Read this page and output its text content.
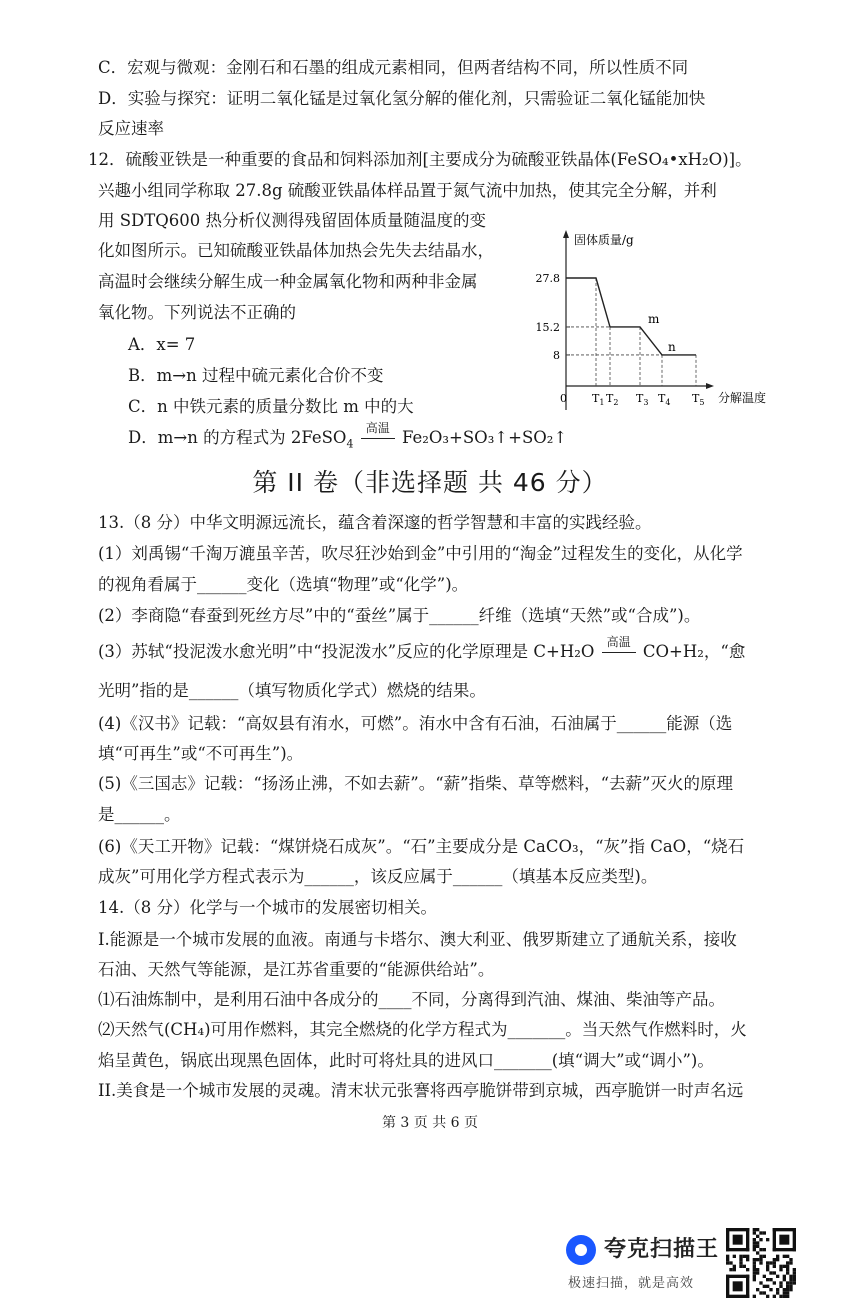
C．宏观与微观：金刚石和石墨的组成元素相同，但两者结构不同，所以性质不同
D．实验与探究：证明二氧化锰是过氧化氢分解的催化剂，只需验证二氧化锰能加快
反应速率
12．硫酸亚铁是一种重要的食品和饲料添加剂[主要成分为硫酸亚铁晶体(FeSO₄•xH₂O)]。
兴趣小组同学称取 27.8g 硫酸亚铁晶体样品置于氮气流中加热，使其完全分解，并利
用 SDTQ600 热分析仪测得残留固体质量随温度的变
化如图所示。已知硫酸亚铁晶体加热会先失去结晶水，
高温时会继续分解生成一种金属氧化物和两种非金属
氧化物。下列说法不正确的
A．x= 7
B．m→n 过程中硫元素化合价不变
C．n 中铁元素的质量分数比 m 中的大
D．m→n 的方程式为 2FeSO$_4$
高温 Fe₂O₃+SO₃↑+SO₂↑
固体质量/g
分解温度
0
27.8
15.2
8
$T_1$ $T_2$ $T_3$ $T_4$ $T_5$
m
n
第 II 卷（非选择题 共 46 分）
13.（8 分）中华文明源远流长，蕴含着深邃的哲学智慧和丰富的实践经验。
(1）刘禹锡“千淘万漉虽辛苦，吹尽狂沙始到金”中引用的“淘金”过程发生的变化，从化学
的视角看属于______变化（选填“物理”或“化学”)。
(2）李商隐“春蚕到死丝方尽”中的“蚕丝”属于______纤维（选填“天然”或“合成”)。
(3）苏轼“投泥泼水愈光明”中“投泥泼水”反应的化学原理是 C+H₂O	高温 CO+H₂，“愈
光明”指的是______（填写物质化学式）燃烧的结果。
(4)《汉书》记载：“高奴县有洧水，可燃”。洧水中含有石油，石油属于______能源（选
填“可再生”或“不可再生”)。
(5)《三国志》记载：“扬汤止沸，不如去薪”。“薪”指柴、草等燃料，“去薪”灭火的原理
是______。
(6)《天工开物》记载：“煤饼烧石成灰”。“石”主要成分是 CaCO₃，“灰”指 CaO，“烧石
成灰”可用化学方程式表示为______，该反应属于______（填基本反应类型)。
14.（8 分）化学与一个城市的发展密切相关。
I.能源是一个城市发展的血液。南通与卡塔尔、澳大利亚、俄罗斯建立了通航关系，接收
石油、天然气等能源，是江苏省重要的“能源供给站”。
⑴石油炼制中，是利用石油中各成分的____不同，分离得到汽油、煤油、柴油等产品。
⑵天然气(CH₄)可用作燃料，其完全燃烧的化学方程式为_______。当天然气作燃料时，火
焰呈黄色，锅底出现黑色固体，此时可将灶具的进风口_______(填“调大”或“调小”)。
II.美食是一个城市发展的灵魂。清末状元张謇将西亭脆饼带到京城，西亭脆饼一时声名远
第 3 页 共 6 页
夸克扫描王
极速扫描，就是高效
